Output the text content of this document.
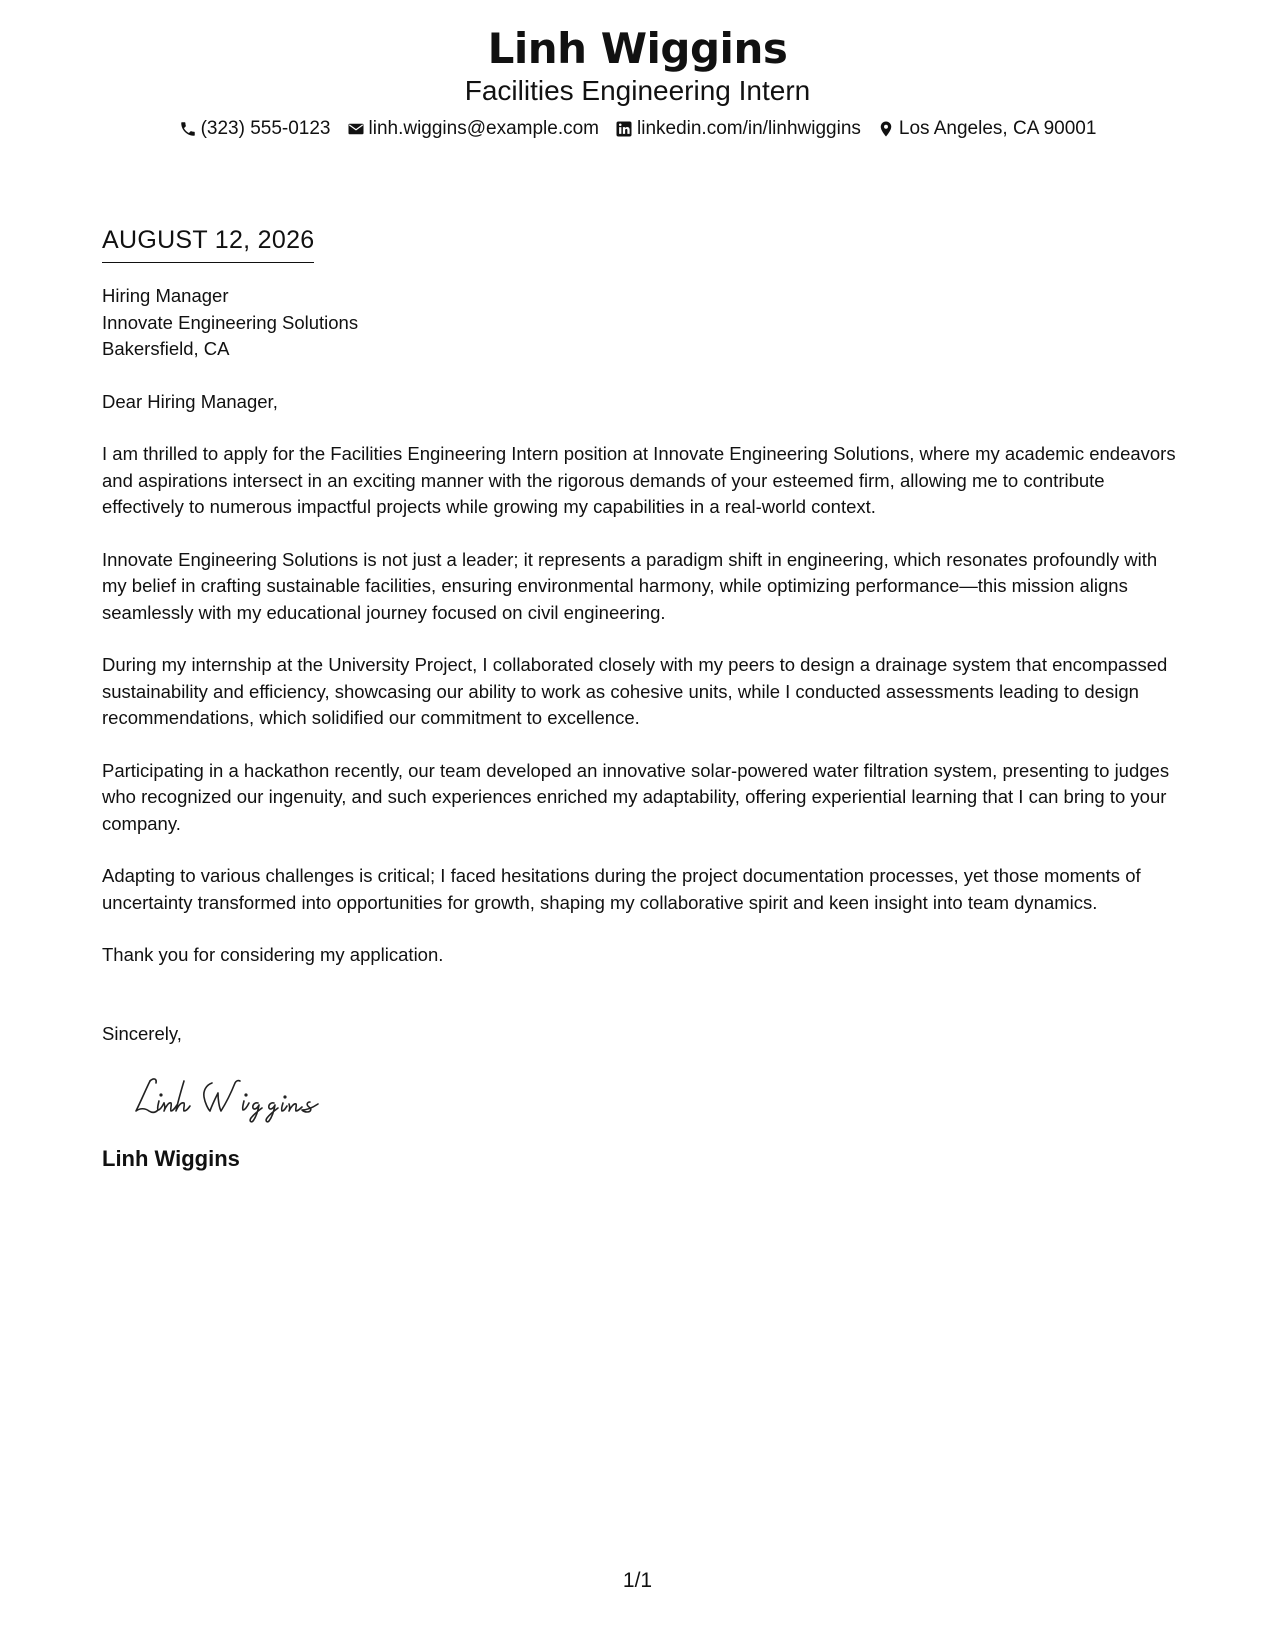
Linh Wiggins
Facilities Engineering Intern
(323) 555-0123 linh.wiggins@example.com linkedin.com/in/linhwiggins Los Angeles, CA 90001
AUGUST 12, 2026
Hiring Manager
Innovate Engineering Solutions
Bakersfield, CA
Dear Hiring Manager,

I am thrilled to apply for the Facilities Engineering Intern position at Innovate Engineering Solutions, where my academic endeavors and aspirations intersect in an exciting manner with the rigorous demands of your esteemed firm, allowing me to contribute effectively to numerous impactful projects while growing my capabilities in a real-world context.

Innovate Engineering Solutions is not just a leader; it represents a paradigm shift in engineering, which resonates profoundly with my belief in crafting sustainable facilities, ensuring environmental harmony, while optimizing performance—this mission aligns seamlessly with my educational journey focused on civil engineering.

During my internship at the University Project, I collaborated closely with my peers to design a drainage system that encompassed sustainability and efficiency, showcasing our ability to work as cohesive units, while I conducted assessments leading to design recommendations, which solidified our commitment to excellence.

Participating in a hackathon recently, our team developed an innovative solar-powered water filtration system, presenting to judges who recognized our ingenuity, and such experiences enriched my adaptability, offering experiential learning that I can bring to your company.

Adapting to various challenges is critical; I faced hesitations during the project documentation processes, yet those moments of uncertainty transformed into opportunities for growth, shaping my collaborative spirit and keen insight into team dynamics.

Thank you for considering my application.

Sincerely,
Linh Wiggins
1/1
